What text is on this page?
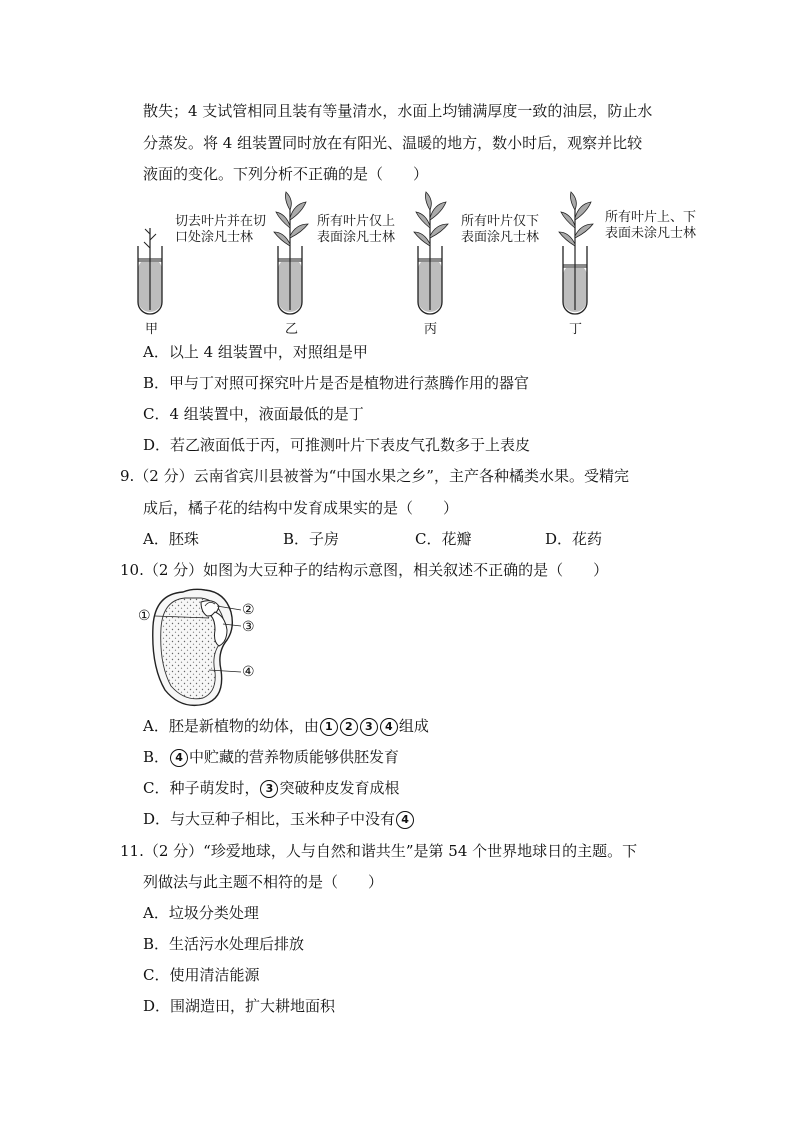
散失；4 支试管相同且装有等量清水，水面上均铺满厚度一致的油层，防止水
分蒸发。将 4 组装置同时放在有阳光、温暖的地方，数小时后，观察并比较
液面的变化。下列分析不正确的是（　　）
切去叶片并在切
口处涂凡士林
甲
所有叶片仅上
表面涂凡士林
乙
所有叶片仅下
表面涂凡士林
丙
所有叶片上、下
表面未涂凡士林
丁
A．以上 4 组装置中，对照组是甲
B．甲与丁对照可探究叶片是否是植物进行蒸腾作用的器官
C．4 组装置中，液面最低的是丁
D．若乙液面低于丙，可推测叶片下表皮气孔数多于上表皮
9.（2 分）云南省宾川县被誉为“中国水果之乡”，主产各种橘类水果。受精完
成后，橘子花的结构中发育成果实的是（　　）
A．胚珠	B．子房	C．花瓣	D．花药
10.（2 分）如图为大豆种子的结构示意图，相关叙述不正确的是（　　）
①	②
③
④
A．胚是新植物的幼体，由 1 2 3 4 组成
B． 4 中贮藏的营养物质能够供胚发育
C．种子萌发时， 3 突破种皮发育成根
D．与大豆种子相比，玉米种子中没有 4
11.（2 分）“珍爱地球，人与自然和谐共生”是第 54 个世界地球日的主题。下
列做法与此主题不相符的是（　　）
A．垃圾分类处理
B．生活污水处理后排放
C．使用清洁能源
D．围湖造田，扩大耕地面积
